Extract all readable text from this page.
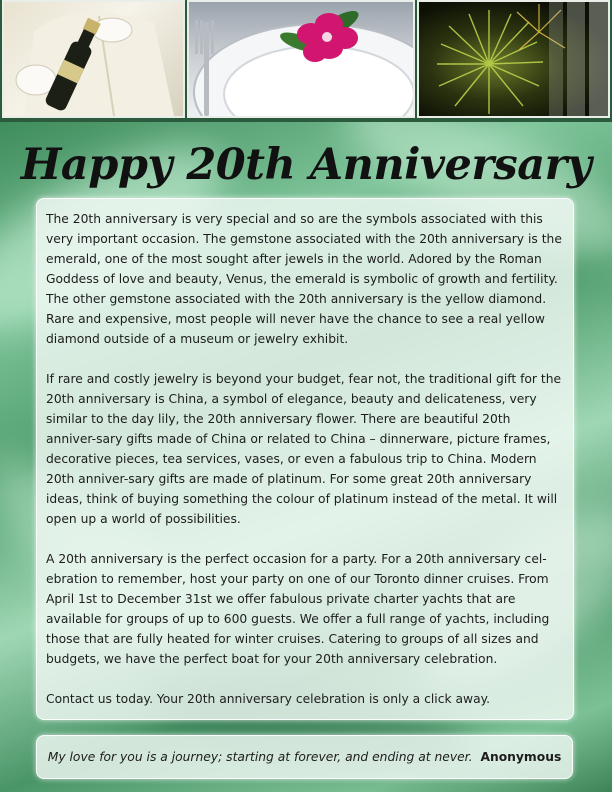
Happy 20th Anniversary

The 20th anniversary is very special and so are the symbols associated with this very important occasion. The gemstone associated with the 20th anniversary is the emerald, one of the most sought after jewels in the world. Adored by the Roman Goddess of love and beauty, Venus, the emerald is symbolic of growth and fertility. The other gemstone associated with the 20th anniversary is the yellow diamond. Rare and expensive, most people will never have the chance to see a real yellow diamond outside of a museum or jewelry exhibit.

If rare and costly jewelry is beyond your budget, fear not, the traditional gift for the 20th anniversary is China, a symbol of elegance, beauty and delicateness, very similar to the day lily, the 20th anniversary flower. There are beautiful 20th anniver-sary gifts made of China or related to China – dinnerware, picture frames, decorative pieces, tea services, vases, or even a fabulous trip to China. Modern 20th anniver-sary gifts are made of platinum. For some great 20th anniversary ideas, think of buying something the colour of platinum instead of the metal. It will open up a world of possibilities.

A 20th anniversary is the perfect occasion for a party. For a 20th anniversary cel-ebration to remember, host your party on one of our Toronto dinner cruises. From April 1st to December 31st we offer fabulous private charter yachts that are available for groups of up to 600 guests. We offer a full range of yachts, including those that are fully heated for winter cruises. Catering to groups of all sizes and budgets, we have the perfect boat for your 20th anniversary celebration.

Contact us today. Your 20th anniversary celebration is only a click away.

My love for you is a journey; starting at forever, and ending at never. Anonymous
